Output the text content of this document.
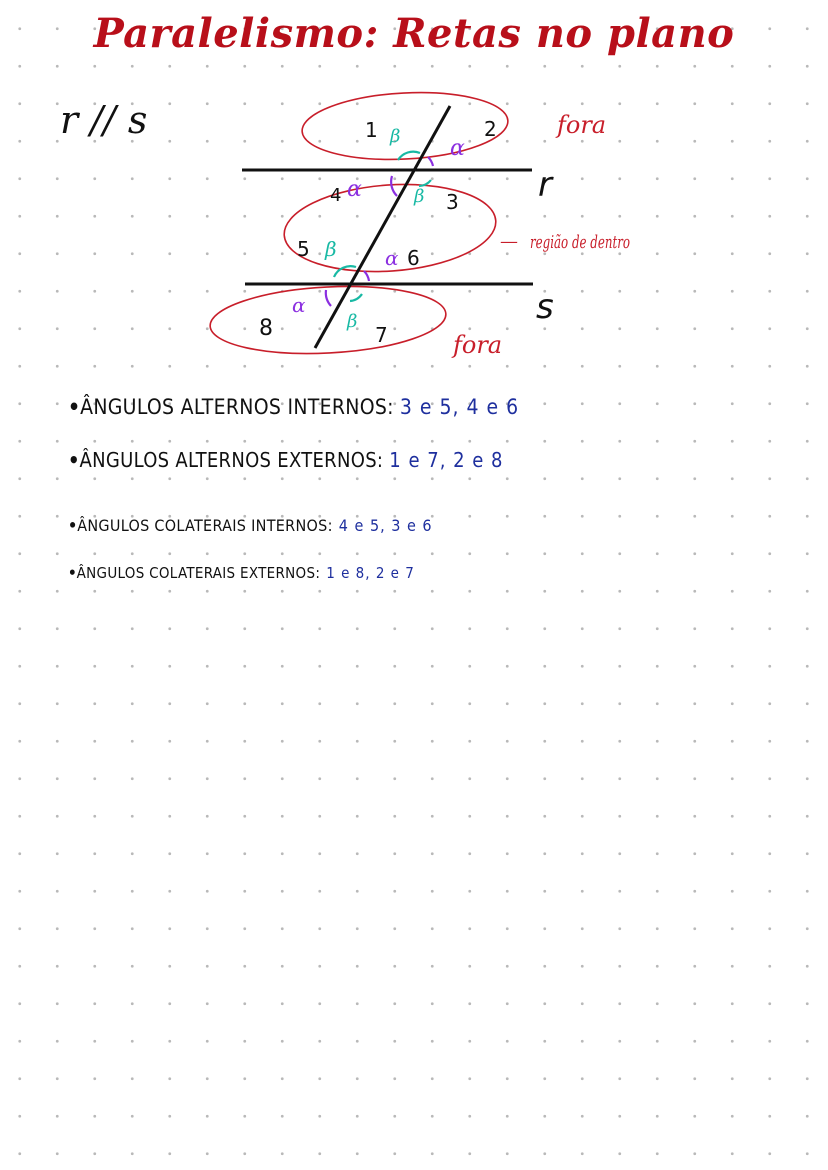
Paralelismo: Retas no plano
r // s	1	2
3
4
5	6
7
8
β α
α	β
β α
α
β
r
s
fora
— região de dentro
fora
•ÂNGULOS ALTERNOS INTERNOS: 3 e 5, 4 e 6
•ÂNGULOS ALTERNOS EXTERNOS: 1 e 7, 2 e 8
•ÂNGULOS COLATERAIS INTERNOS: 4 e 5, 3 e 6
•ÂNGULOS COLATERAIS EXTERNOS: 1 e 8, 2 e 7
